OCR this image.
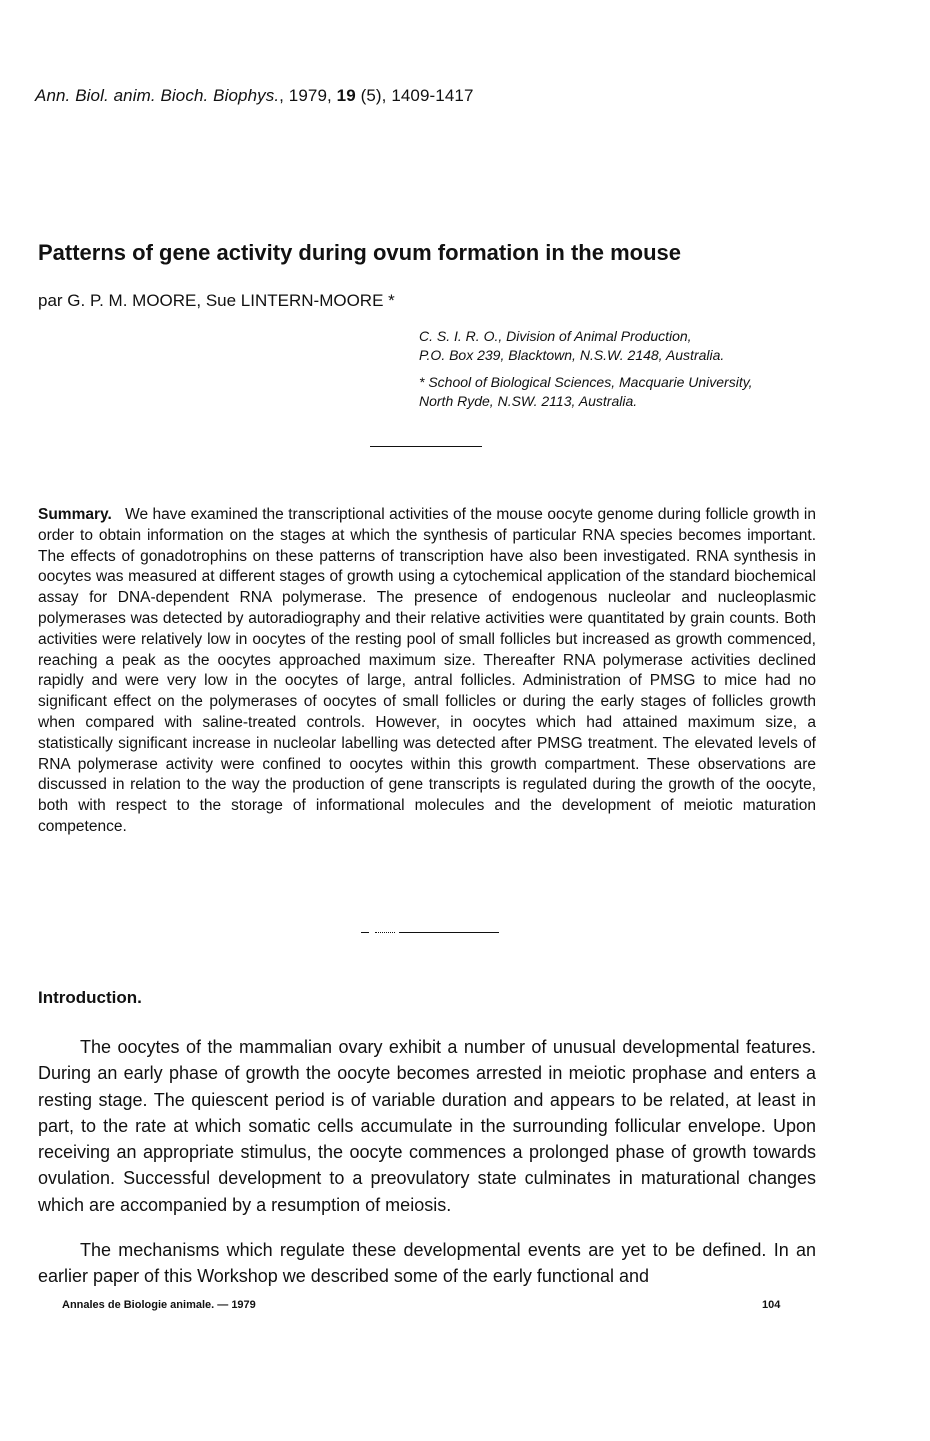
Ann. Biol. anim. Bioch. Biophys., 1979, 19 (5), 1409-1417
Patterns of gene activity during ovum formation in the mouse
par G. P. M. MOORE, Sue LINTERN-MOORE *
C. S. I. R. O., Division of Animal Production,
P.O. Box 239, Blacktown, N.S.W. 2148, Australia.
* School of Biological Sciences, Macquarie University,
North Ryde, N.SW. 2113, Australia.

Summary. We have examined the transcriptional activities of the mouse oocyte genome during follicle growth in order to obtain information on the stages at which the synthesis of particular RNA species becomes important. The effects of gonadotrophins on these patterns of transcription have also been investigated. RNA synthesis in oocytes was measured at different stages of growth using a cytochemical application of the standard biochemical assay for DNA-dependent RNA polymerase. The presence of endogenous nucleolar and nucleoplasmic polymerases was detected by autoradiography and their relative activities were quantitated by grain counts. Both activities were relatively low in oocytes of the resting pool of small follicles but increased as growth commenced, reaching a peak as the oocytes approached maximum size. Thereafter RNA polymerase activities declined rapidly and were very low in the oocytes of large, antral follicles. Administration of PMSG to mice had no significant effect on the polymerases of oocytes of small follicles or during the early stages of follicles growth when compared with saline-treated controls. However, in oocytes which had attained maximum size, a statistically significant increase in nucleolar labelling was detected after PMSG treatment. The elevated levels of RNA polymerase activity were confined to oocytes within this growth compartment. These observations are discussed in relation to the way the production of gene transcripts is regulated during the growth of the oocyte, both with respect to the storage of informational molecules and the development of meiotic maturation competence.

Introduction.

The oocytes of the mammalian ovary exhibit a number of unusual developmental features. During an early phase of growth the oocyte becomes arrested in meiotic prophase and enters a resting stage. The quiescent period is of variable duration and appears to be related, at least in part, to the rate at which somatic cells accumulate in the surrounding follicular envelope. Upon receiving an appropriate stimulus, the oocyte commences a prolonged phase of growth towards ovulation. Successful development to a preovulatory state culminates in maturational changes which are accompanied by a resumption of meiosis.

The mechanisms which regulate these developmental events are yet to be defined. In an earlier paper of this Workshop we described some of the early functional and

Annales de Biologie animale. — 1979	104
